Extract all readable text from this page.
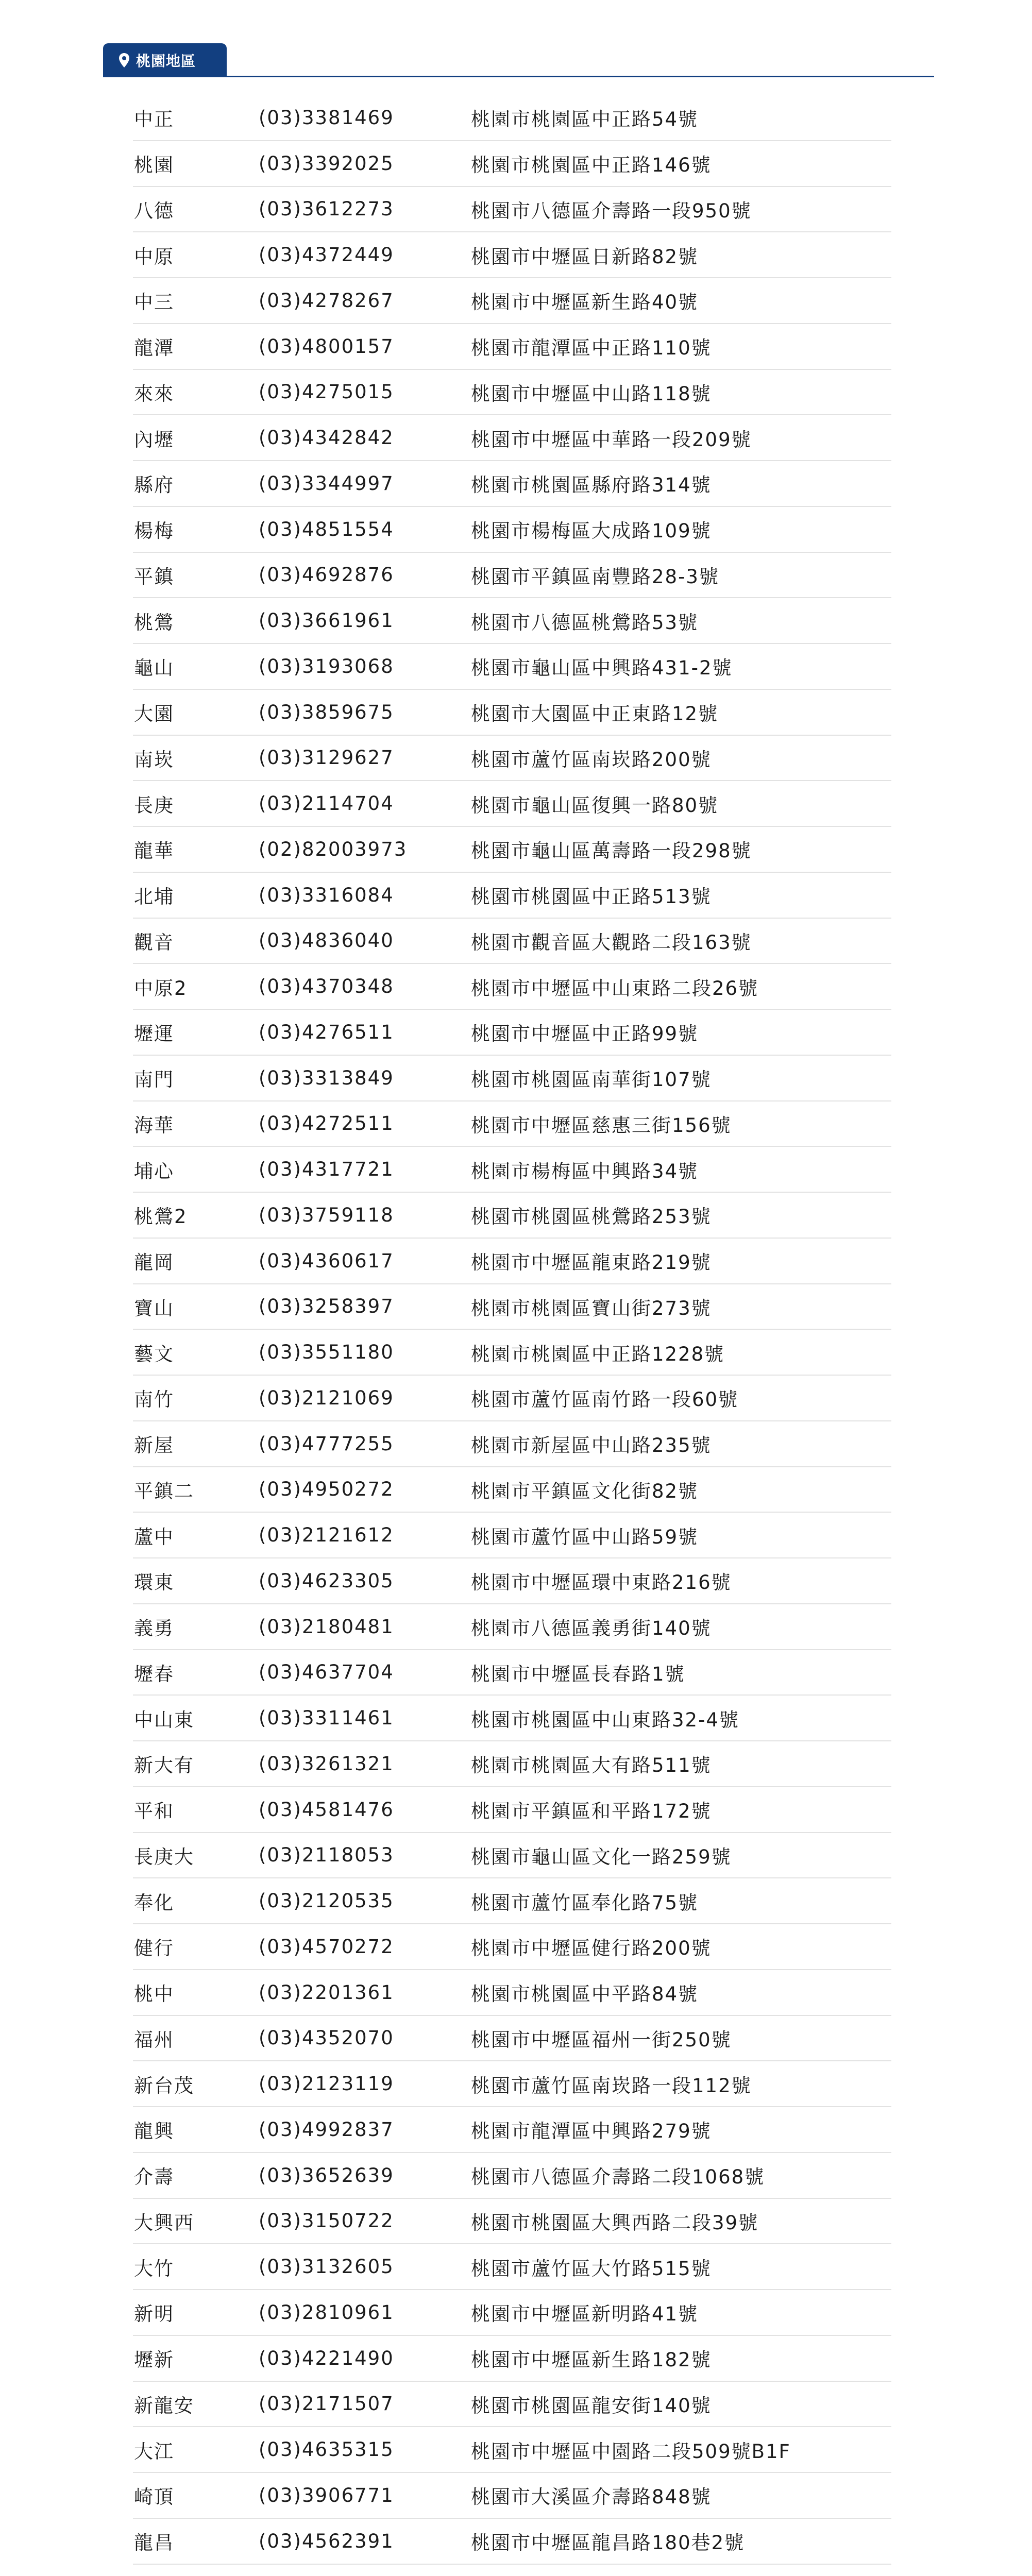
桃園地區
中正	(03)3381469	桃園市桃園區中正路54號
桃園	(03)3392025	桃園市桃園區中正路146號
八德	(03)3612273	桃園市八德區介壽路一段950號
中原	(03)4372449	桃園市中壢區日新路82號
中三	(03)4278267	桃園市中壢區新生路40號
龍潭	(03)4800157	桃園市龍潭區中正路110號
來來	(03)4275015	桃園市中壢區中山路118號
內壢	(03)4342842	桃園市中壢區中華路一段209號
縣府	(03)3344997	桃園市桃園區縣府路314號
楊梅	(03)4851554	桃園市楊梅區大成路109號
平鎮	(03)4692876	桃園市平鎮區南豐路28-3號
桃鶯	(03)3661961	桃園市八德區桃鶯路53號
龜山	(03)3193068	桃園市龜山區中興路431-2號
大園	(03)3859675	桃園市大園區中正東路12號
南崁	(03)3129627	桃園市蘆竹區南崁路200號
長庚	(03)2114704	桃園市龜山區復興一路80號
龍華	(02)82003973	桃園市龜山區萬壽路一段298號
北埔	(03)3316084	桃園市桃園區中正路513號
觀音	(03)4836040	桃園市觀音區大觀路二段163號
中原2	(03)4370348	桃園市中壢區中山東路二段26號
壢運	(03)4276511	桃園市中壢區中正路99號
南門	(03)3313849	桃園市桃園區南華街107號
海華	(03)4272511	桃園市中壢區慈惠三街156號
埔心	(03)4317721	桃園市楊梅區中興路34號
桃鶯2	(03)3759118	桃園市桃園區桃鶯路253號
龍岡	(03)4360617	桃園市中壢區龍東路219號
寶山	(03)3258397	桃園市桃園區寶山街273號
藝文	(03)3551180	桃園市桃園區中正路1228號
南竹	(03)2121069	桃園市蘆竹區南竹路一段60號
新屋	(03)4777255	桃園市新屋區中山路235號
平鎮二	(03)4950272	桃園市平鎮區文化街82號
蘆中	(03)2121612	桃園市蘆竹區中山路59號
環東	(03)4623305	桃園市中壢區環中東路216號
義勇	(03)2180481	桃園市八德區義勇街140號
壢春	(03)4637704	桃園市中壢區長春路1號
中山東	(03)3311461	桃園市桃園區中山東路32-4號
新大有	(03)3261321	桃園市桃園區大有路511號
平和	(03)4581476	桃園市平鎮區和平路172號
長庚大	(03)2118053	桃園市龜山區文化一路259號
奉化	(03)2120535	桃園市蘆竹區奉化路75號
健行	(03)4570272	桃園市中壢區健行路200號
桃中	(03)2201361	桃園市桃園區中平路84號
福州	(03)4352070	桃園市中壢區福州一街250號
新台茂	(03)2123119	桃園市蘆竹區南崁路一段112號
龍興	(03)4992837	桃園市龍潭區中興路279號
介壽	(03)3652639	桃園市八德區介壽路二段1068號
大興西	(03)3150722	桃園市桃園區大興西路二段39號
大竹	(03)3132605	桃園市蘆竹區大竹路515號
新明	(03)2810961	桃園市中壢區新明路41號
壢新	(03)4221490	桃園市中壢區新生路182號
新龍安	(03)2171507	桃園市桃園區龍安街140號
大江	(03)4635315	桃園市中壢區中園路二段509號B1F
崎頂	(03)3906771	桃園市大溪區介壽路848號
龍昌	(03)4562391	桃園市中壢區龍昌路180巷2號
